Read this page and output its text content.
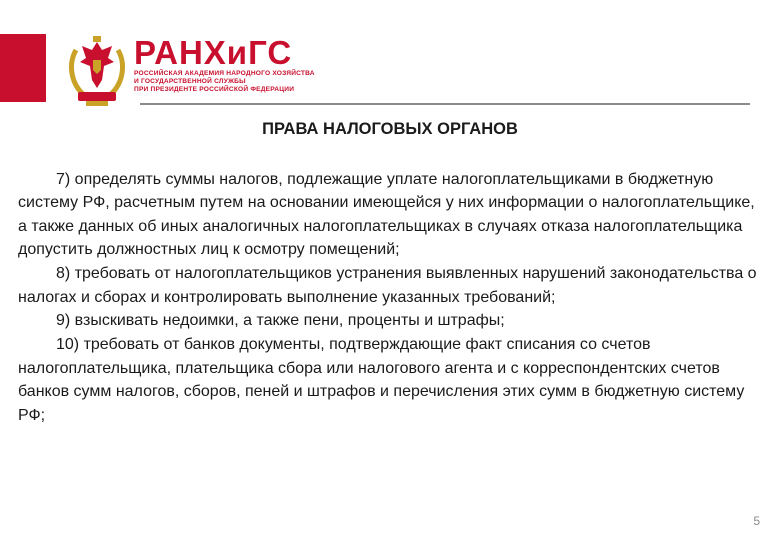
РАНХиГС
РОССИЙСКАЯ АКАДЕМИЯ НАРОДНОГО ХОЗЯЙСТВА
И ГОСУДАРСТВЕННОЙ СЛУЖБЫ
ПРИ ПРЕЗИДЕНТЕ РОССИЙСКОЙ ФЕДЕРАЦИИ
ПРАВА НАЛОГОВЫХ ОРГАНОВ

7) определять суммы налогов, подлежащие уплате налогоплательщиками в бюджетную систему РФ, расчетным путем на основании имеющейся у них информации о налогоплательщике, а также данных об иных аналогичных налогоплательщиках в случаях отказа налогоплательщика допустить должностных лиц к осмотру помещений;

8) требовать от налогоплательщиков устранения выявленных нарушений законодательства о налогах и сборах и контролировать выполнение указанных требований;

9) взыскивать недоимки, а также пени, проценты и штрафы;

10) требовать от банков документы, подтверждающие факт списания со счетов налогоплательщика, плательщика сбора или налогового агента и с корреспондентских счетов банков сумм налогов, сборов, пеней и штрафов и перечисления этих сумм в бюджетную систему РФ;

5
